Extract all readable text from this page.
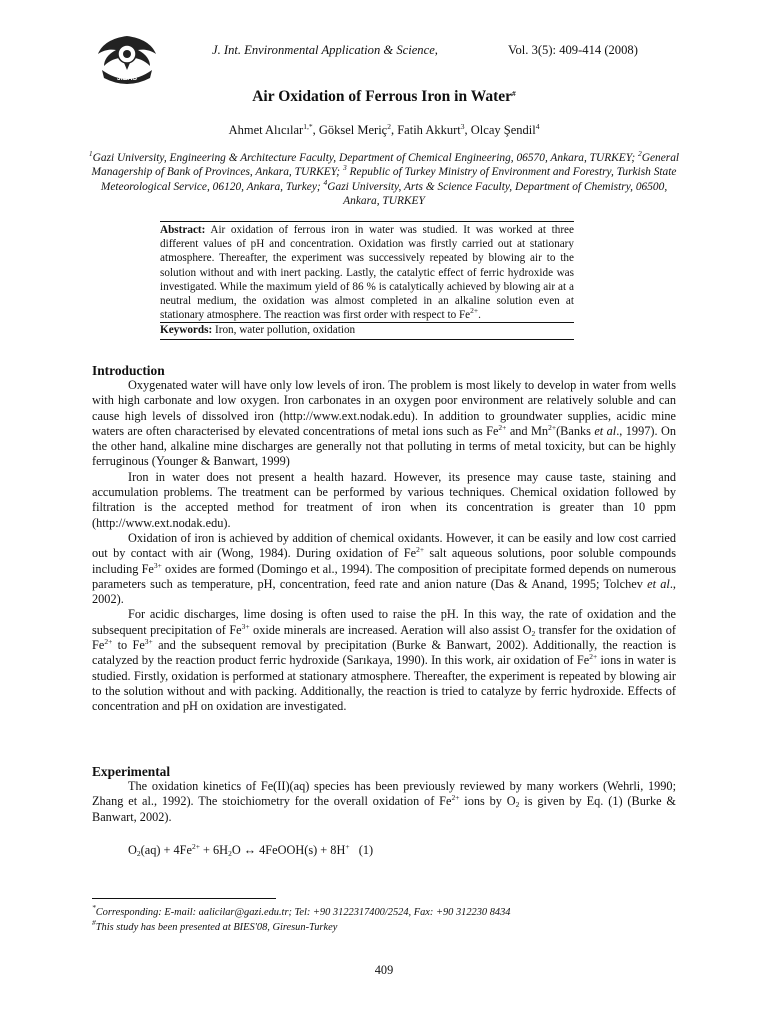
JIEAS
J. Int. Environmental Application & Science,	Vol. 3(5): 409-414 (2008)
Air Oxidation of Ferrous Iron in Water#
Ahmet Alıcılar$^{1,*}$, Göksel Meriç$^2$, Fatih Akkurt$^3$, Olcay Şendil$^4$
$^1$Gazi University, Engineering & Architecture Faculty, Department of Chemical Engineering, 06570, Ankara, TURKEY; $^2$General Managership of Bank of Provinces, Ankara, TURKEY; $^3$ Republic of Turkey Ministry of Environment and Forestry, Turkish State Meteorological Service, 06120, Ankara, Turkey; $^4$Gazi University, Arts & Science Faculty, Department of Chemistry, 06500, Ankara, TURKEY
Abstract: Air oxidation of ferrous iron in water was studied. It was worked at three different values of pH and concentration. Oxidation was firstly carried out at stationary atmosphere. Thereafter, the experiment was successively repeated by blowing air to the solution without and with inert packing. Lastly, the catalytic effect of ferric hydroxide was investigated. While the maximum yield of 86 % is catalytically achieved by blowing air at a neutral medium, the oxidation was almost completed in an alkaline solution even at stationary atmosphere. The reaction was first order with respect to $Fe^{2+}$.
Keywords: Iron, water pollution, oxidation
Introduction

Oxygenated water will have only low levels of iron. The problem is most likely to develop in water from wells with high carbonate and low oxygen. Iron carbonates in an oxygen poor environment are relatively soluble and can cause high levels of dissolved iron (http://www.ext.nodak.edu). In addition to groundwater supplies, acidic mine waters are often characterised by elevated concentrations of metal ions such as $Fe^{2+}$ and $Mn^{2+}(Banks$ et al., 1997). On the other hand, alkaline mine discharges are generally not that polluting in terms of metal toxicity, but can be highly ferruginous (Younger & Banwart, 1999)

Iron in water does not present a health hazard. However, its presence may cause taste, staining and accumulation problems. The treatment can be performed by various techniques. Chemical oxidation followed by filtration is the accepted method for treatment of iron when its concentration is greater than 10 ppm (http://www.ext.nodak.edu).

Oxidation of iron is achieved by addition of chemical oxidants. However, it can be easily and low cost carried out by contact with air (Wong, 1984). During oxidation of $Fe^{2+}$ salt aqueous solutions, poor soluble compounds including $Fe^{3+}$ oxides are formed (Domingo et al., 1994). The composition of precipitate formed depends on numerous parameters such as temperature, pH, concentration, feed rate and anion nature (Das & Anand, 1995; Tolchev et al., 2002).

For acidic discharges, lime dosing is often used to raise the pH. In this way, the rate of oxidation and the subsequent precipitation of $Fe^{3+}$ oxide minerals are increased. Aeration will also assist $O_2$ transfer for the oxidation of $Fe^{2+}$ to $Fe^{3+}$ and the subsequent removal by precipitation (Burke & Banwart, 2002). Additionally, the reaction is catalyzed by the reaction product ferric hydroxide (Sarıkaya, 1990). In this work, air oxidation of $Fe^{2+}$ ions in water is studied. Firstly, oxidation is performed at stationary atmosphere. Thereafter, the experiment is repeated by blowing air to the solution without and with packing. Additionally, the reaction is tried to catalyze by ferric hydroxide. Effects of concentration and pH on oxidation are investigated.

Experimental

The oxidation kinetics of Fe(II)(aq) species has been previously reviewed by many workers (Wehrli, 1990; Zhang et al., 1992). The stoichiometry for the overall oxidation of $Fe^{2+}$ ions by $O_2$ is given by Eq. (1) (Burke & Banwart, 2002).

$O_2(aq) + 4Fe^{2+} + 6H_2O$ ↔ 4FeOOH(s) + 8H+   (1)
*Corresponding: E-mail: aalicilar@gazi.edu.tr; Tel: +90 3122317400/2524, Fax: +90 312230 8434
#This study has been presented at BIES'08, Giresun-Turkey
409
